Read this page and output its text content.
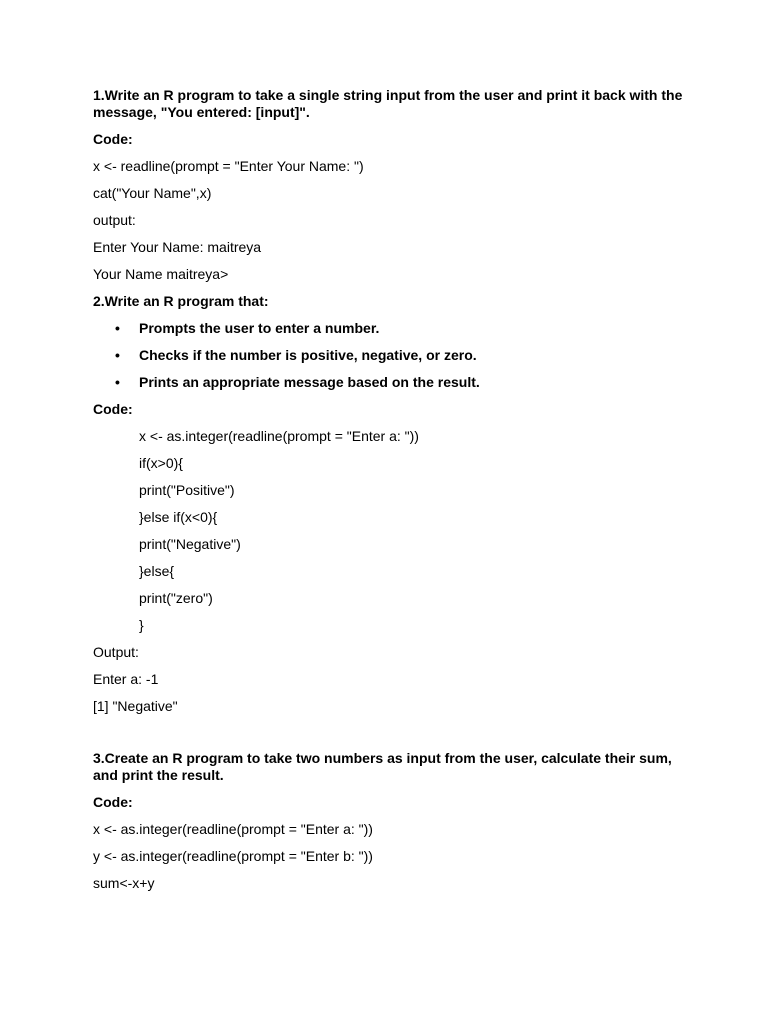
1.Write an R program to take a single string input from the user and print it back with the message, "You entered: [input]".

Code:

x <- readline(prompt = "Enter Your Name: ")

cat("Your Name",x)

output:

Enter Your Name: maitreya

Your Name maitreya>

2.Write an R program that:

• Prompts the user to enter a number.
• Checks if the number is positive, negative, or zero.
• Prints an appropriate message based on the result.

Code:

x <- as.integer(readline(prompt = "Enter a: "))

if(x>0){

print("Positive")

}else if(x<0){

print("Negative")

}else{

print("zero")

}

Output:

Enter a: -1

[1] "Negative"

3.Create an R program to take two numbers as input from the user, calculate their sum, and print the result.

Code:

x <- as.integer(readline(prompt = "Enter a: "))

y <- as.integer(readline(prompt = "Enter b: "))

sum<-x+y
